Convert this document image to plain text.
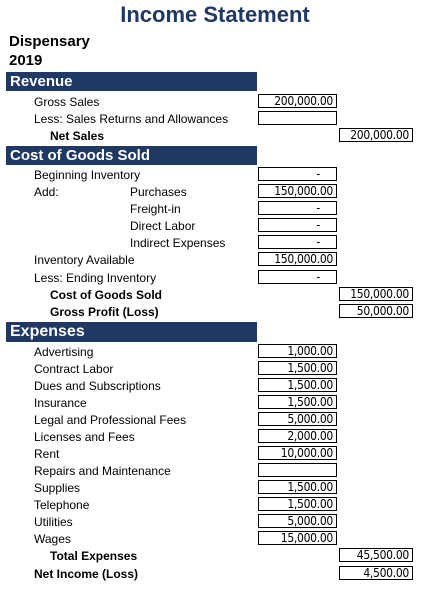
Income Statement
Dispensary
2019
Revenue
Gross Sales	200,000.00
Less: Sales Returns and Allowances
Net Sales	200,000.00
Cost of Goods Sold
Beginning Inventory	-
Add:	Purchases	150,000.00
Freight-in	-
Direct Labor	-
Indirect Expenses	-
Inventory Available	150,000.00
Less: Ending Inventory	-
Cost of Goods Sold	150,000.00
Gross Profit (Loss)	50,000.00
Expenses
Advertising	1,000.00
Contract Labor	1,500.00
Dues and Subscriptions	1,500.00
Insurance	1,500.00
Legal and Professional Fees	5,000.00
Licenses and Fees	2,000.00
Rent	10,000.00
Repairs and Maintenance
Supplies	1,500.00
Telephone	1,500.00
Utilities	5,000.00
Wages	15,000.00
Total Expenses	45,500.00
Net Income (Loss)	4,500.00
